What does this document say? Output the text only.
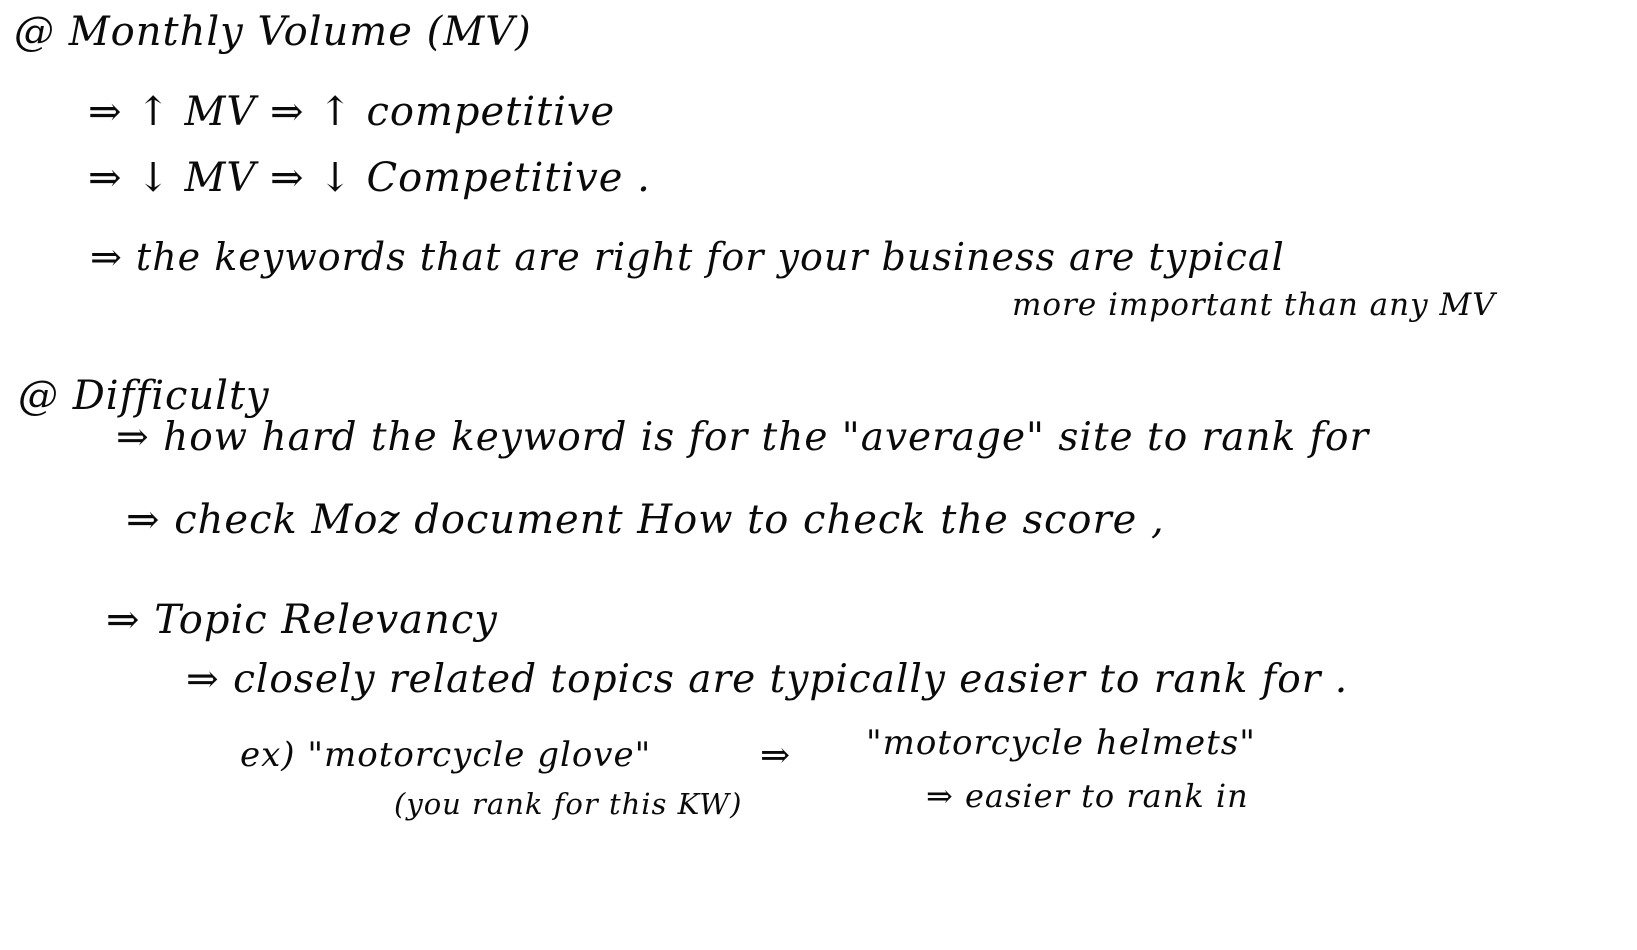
@ Monthly Volume (MV)
⇒ ↑ MV ⇒ ↑ competitive
⇒ ↓ MV ⇒ ↓ Competitive .
⇒ the keywords that are right for your business are typical
more important than any MV
@ Difficulty
⇒ how hard the keyword is for the "average" site to rank for
⇒ check Moz document How to check the score ,
⇒ Topic Relevancy
⇒ closely related topics are typically easier to rank for .
ex) "motorcycle glove"	⇒ "motorcycle helmets"
(you rank for this KW)	⇒ easier to rank in
